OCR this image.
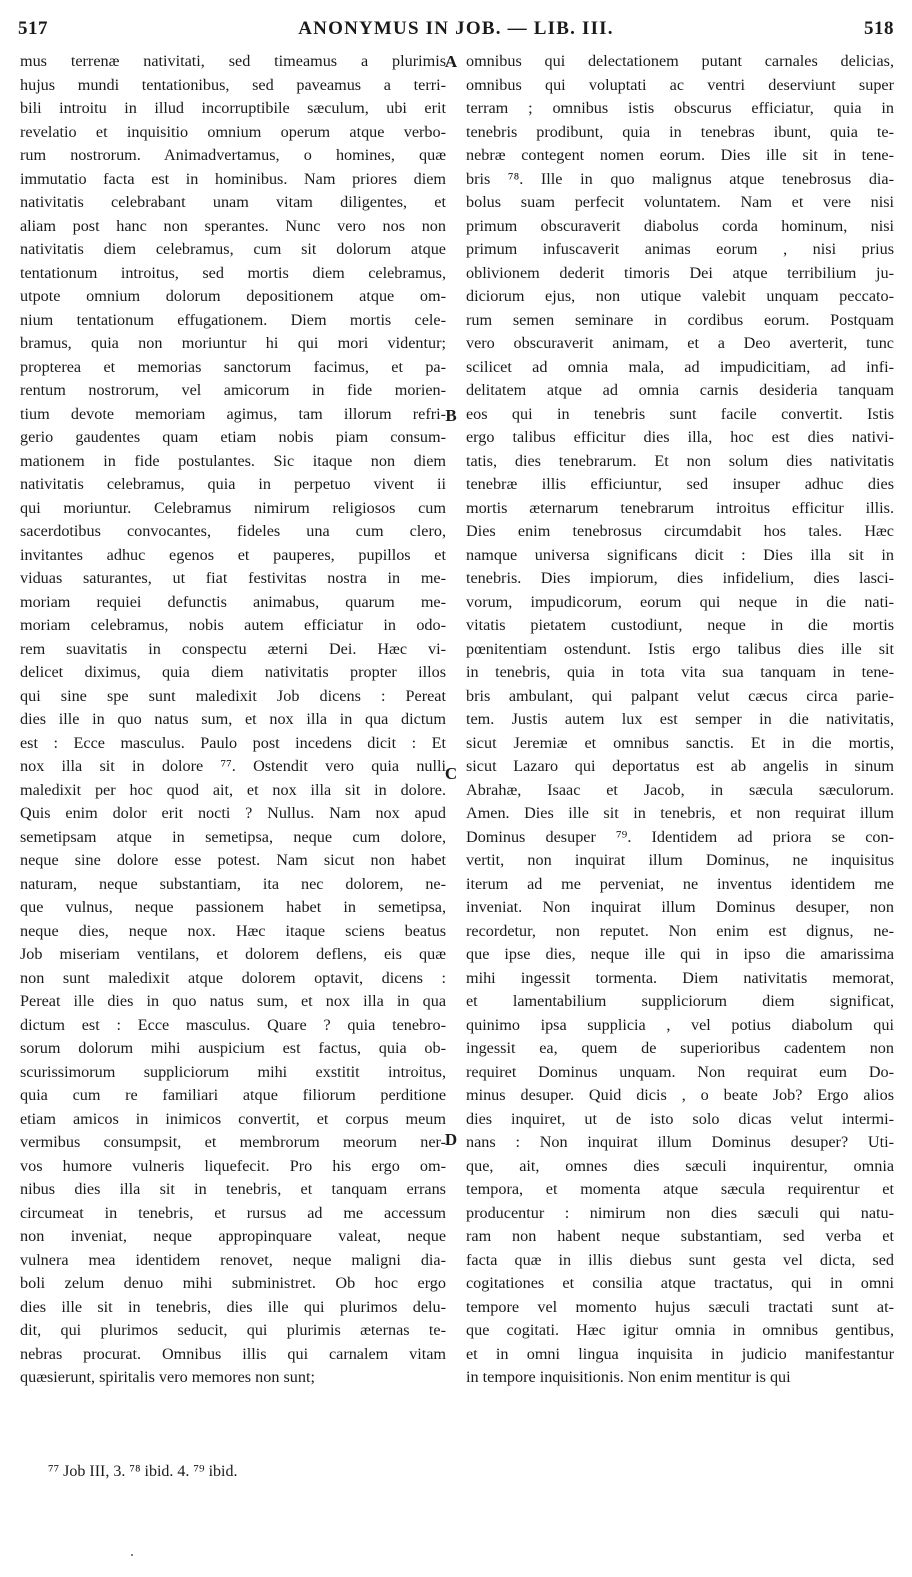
517	ANONYMUS IN JOB. — LIB. III.	518
mus terrenæ nativitati, sed timeamus a plurimis
hujus mundi tentationibus, sed paveamus a terri-
bili introitu in illud incorruptibile sæculum, ubi erit
revelatio et inquisitio omnium operum atque verbo-
rum nostrorum. Animadvertamus, o homines, quæ
immutatio facta est in hominibus. Nam priores diem
nativitatis celebrabant unam vitam diligentes, et
aliam post hanc non sperantes. Nunc vero nos non
nativitatis diem celebramus, cum sit dolorum atque
tentationum introitus, sed mortis diem celebramus,
utpote omnium dolorum depositionem atque om-
nium tentationum effugationem. Diem mortis cele-
bramus, quia non moriuntur hi qui mori videntur;
propterea et memorias sanctorum facimus, et pa-
rentum nostrorum, vel amicorum in fide morien-
tium devote memoriam agimus, tam illorum refri-
gerio gaudentes quam etiam nobis piam consum-
mationem in fide postulantes. Sic itaque non diem
nativitatis celebramus, quia in perpetuo vivent ii
qui moriuntur. Celebramus nimirum religiosos cum
sacerdotibus convocantes, fideles una cum clero,
invitantes adhuc egenos et pauperes, pupillos et
viduas saturantes, ut fiat festivitas nostra in me-
moriam requiei defunctis animabus, quarum me-
moriam celebramus, nobis autem efficiatur in odo-
rem suavitatis in conspectu æterni Dei. Hæc vi-
delicet diximus, quia diem nativitatis propter illos
qui sine spe sunt maledixit Job dicens : Pereat
dies ille in quo natus sum, et nox illa in qua dictum
est : Ecce masculus. Paulo post incedens dicit : Et
nox illa sit in dolore ⁷⁷. Ostendit vero quia nulli
maledixit per hoc quod ait, et nox illa sit in dolore.
Quis enim dolor erit nocti ? Nullus. Nam nox apud
semetipsam atque in semetipsa, neque cum dolore,
neque sine dolore esse potest. Nam sicut non habet
naturam, neque substantiam, ita nec dolorem, ne-
que vulnus, neque passionem habet in semetipsa,
neque dies, neque nox. Hæc itaque sciens beatus
Job miseriam ventilans, et dolorem deflens, eis quæ
non sunt maledixit atque dolorem optavit, dicens :
Pereat ille dies in quo natus sum, et nox illa in qua
dictum est : Ecce masculus. Quare ? quia tenebro-
sorum dolorum mihi auspicium est factus, quia ob-
scurissimorum suppliciorum mihi exstitit introitus,
quia cum re familiari atque filiorum perditione
etiam amicos in inimicos convertit, et corpus meum
vermibus consumpsit, et membrorum meorum ner-
vos humore vulneris liquefecit. Pro his ergo om-
nibus dies illa sit in tenebris, et tanquam errans
circumeat in tenebris, et rursus ad me accessum
non inveniat, neque appropinquare valeat, neque
vulnera mea identidem renovet, neque maligni dia-
boli zelum denuo mihi subministret. Ob hoc ergo
dies ille sit in tenebris, dies ille qui plurimos delu-
dit, qui plurimos seducit, qui plurimis æternas te-
nebras procurat. Omnibus illis qui carnalem vitam
quæsierunt, spiritalis vero memores non sunt;
omnibus qui delectationem putant carnales delicias,
omnibus qui voluptati ac ventri deserviunt super
terram ; omnibus istis obscurus efficiatur, quia in
tenebris prodibunt, quia in tenebras ibunt, quia te-
nebræ contegent nomen eorum. Dies ille sit in tene-
bris ⁷⁸. Ille in quo malignus atque tenebrosus dia-
bolus suam perfecit voluntatem. Nam et vere nisi
primum obscuraverit diabolus corda hominum, nisi
primum infuscaverit animas eorum , nisi prius
oblivionem dederit timoris Dei atque terribilium ju-
diciorum ejus, non utique valebit unquam peccato-
rum semen seminare in cordibus eorum. Postquam
vero obscuraverit animam, et a Deo averterit, tunc
scilicet ad omnia mala, ad impudicitiam, ad infi-
delitatem atque ad omnia carnis desideria tanquam
eos qui in tenebris sunt facile convertit. Istis
ergo talibus efficitur dies illa, hoc est dies nativi-
tatis, dies tenebrarum. Et non solum dies nativitatis
tenebræ illis efficiuntur, sed insuper adhuc dies
mortis æternarum tenebrarum introitus efficitur illis.
Dies enim tenebrosus circumdabit hos tales. Hæc
namque universa significans dicit : Dies illa sit in
tenebris. Dies impiorum, dies infidelium, dies lasci-
vorum, impudicorum, eorum qui neque in die nati-
vitatis pietatem custodiunt, neque in die mortis
pœnitentiam ostendunt. Istis ergo talibus dies ille sit
in tenebris, quia in tota vita sua tanquam in tene-
bris ambulant, qui palpant velut cæcus circa parie-
tem. Justis autem lux est semper in die nativitatis,
sicut Jeremiæ et omnibus sanctis. Et in die mortis,
sicut Lazaro qui deportatus est ab angelis in sinum
Abrahæ, Isaac et Jacob, in sæcula sæculorum.
Amen. Dies ille sit in tenebris, et non requirat illum
Dominus desuper ⁷⁹. Identidem ad priora se con-
vertit, non inquirat illum Dominus, ne inquisitus
iterum ad me perveniat, ne inventus identidem me
inveniat. Non inquirat illum Dominus desuper, non
recordetur, non reputet. Non enim est dignus, ne-
que ipse dies, neque ille qui in ipso die amarissima
mihi ingessit tormenta. Diem nativitatis memorat,
et lamentabilium suppliciorum diem significat,
quinimo ipsa supplicia , vel potius diabolum qui
ingessit ea, quem de superioribus cadentem non
requiret Dominus unquam. Non requirat eum Do-
minus desuper. Quid dicis , o beate Job? Ergo alios
dies inquiret, ut de isto solo dicas velut intermi-
nans : Non inquirat illum Dominus desuper? Uti-
que, ait, omnes dies sæculi inquirentur, omnia
tempora, et momenta atque sæcula requirentur et
producentur : nimirum non dies sæculi qui natu-
ram non habent neque substantiam, sed verba et
facta quæ in illis diebus sunt gesta vel dicta, sed
cogitationes et consilia atque tractatus, qui in omni
tempore vel momento hujus sæculi tractati sunt at-
que cogitati. Hæc igitur omnia in omnibus gentibus,
et in omni lingua inquisita in judicio manifestantur
in tempore inquisitionis. Non enim mentitur is qui
A
B
C
D
⁷⁷ Job III, 3. ⁷⁸ ibid. 4. ⁷⁹ ibid.
